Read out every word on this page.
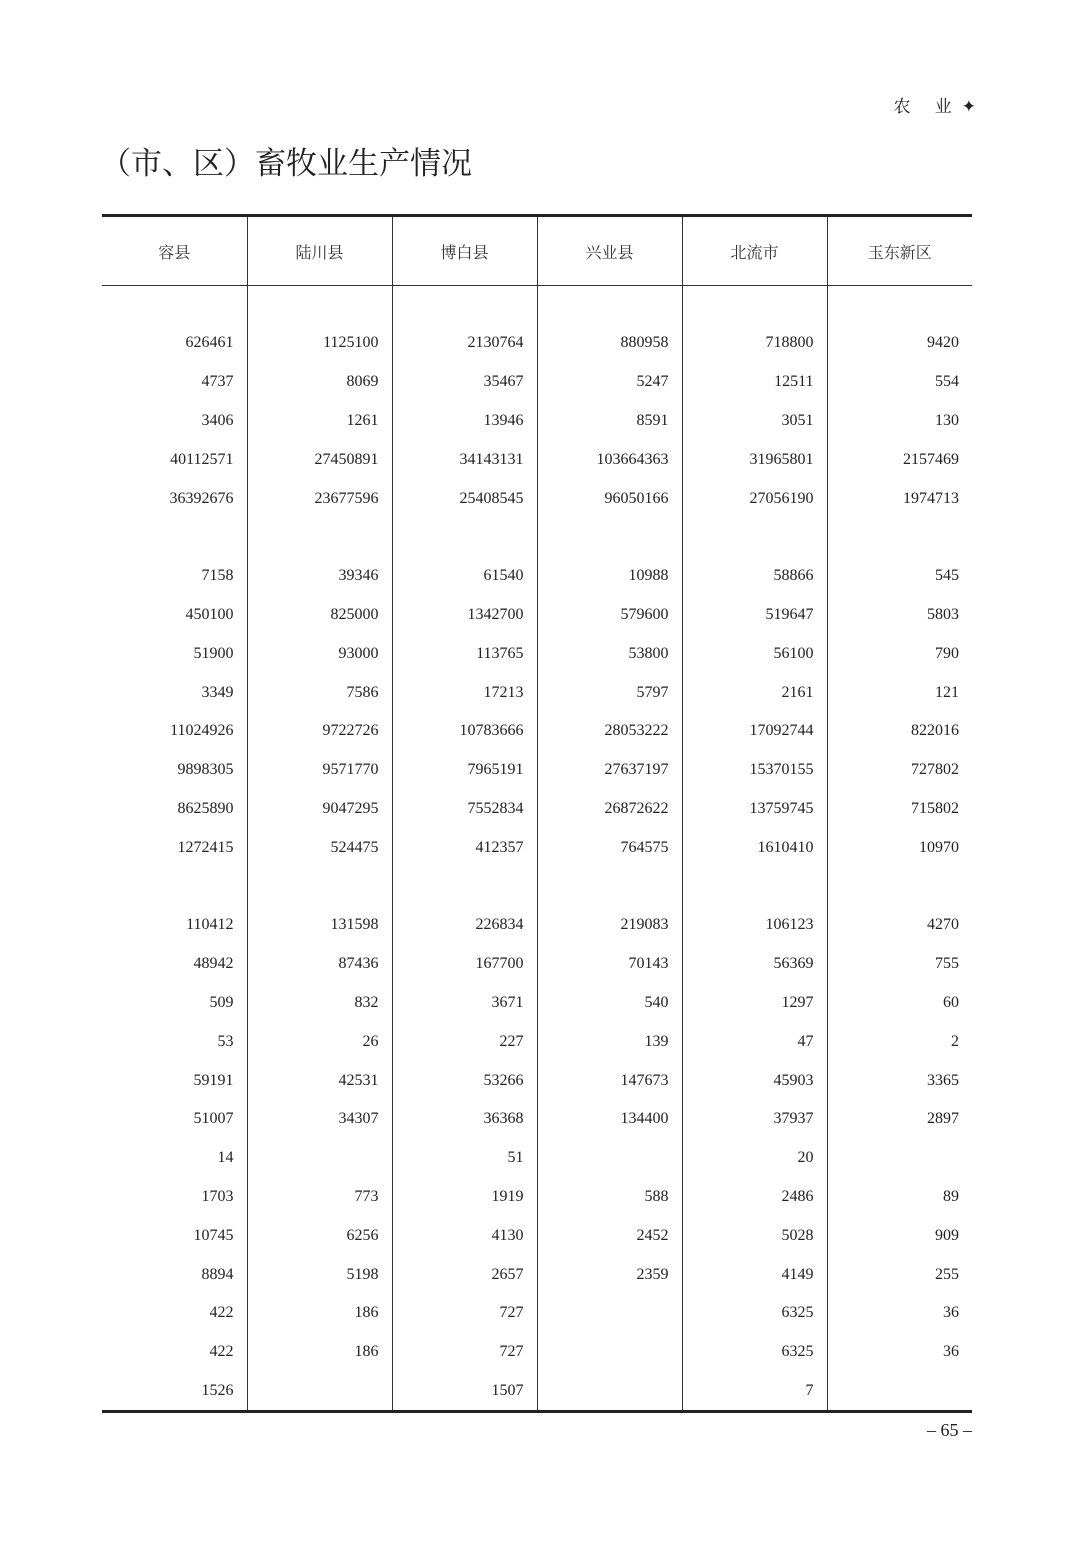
农 业✦
（市、区）畜牧业生产情况
容县	陆川县	博白县	兴业县	北流市	玉东新区

626461	1125100	2130764	880958	718800	9420
4737	8069	35467	5247	12511	554
3406	1261	13946	8591	3051	130
40112571	27450891	34143131	103664363	31965801	2157469
36392676	23677596	25408545	96050166	27056190	1974713

7158	39346	61540	10988	58866	545
450100	825000	1342700	579600	519647	5803
51900	93000	113765	53800	56100	790
3349	7586	17213	5797	2161	121
11024926	9722726	10783666	28053222	17092744	822016
9898305	9571770	7965191	27637197	15370155	727802
8625890	9047295	7552834	26872622	13759745	715802
1272415	524475	412357	764575	1610410	10970

110412	131598	226834	219083	106123	4270
48942	87436	167700	70143	56369	755
509	832	3671	540	1297	60
53	26	227	139	47	2
59191	42531	53266	147673	45903	3365
51007	34307	36368	134400	37937	2897
14		51		20	
1703	773	1919	588	2486	89
10745	6256	4130	2452	5028	909
8894	5198	2657	2359	4149	255
422	186	727		6325	36
422	186	727		6325	36
1526		1507		7	
– 65 –
